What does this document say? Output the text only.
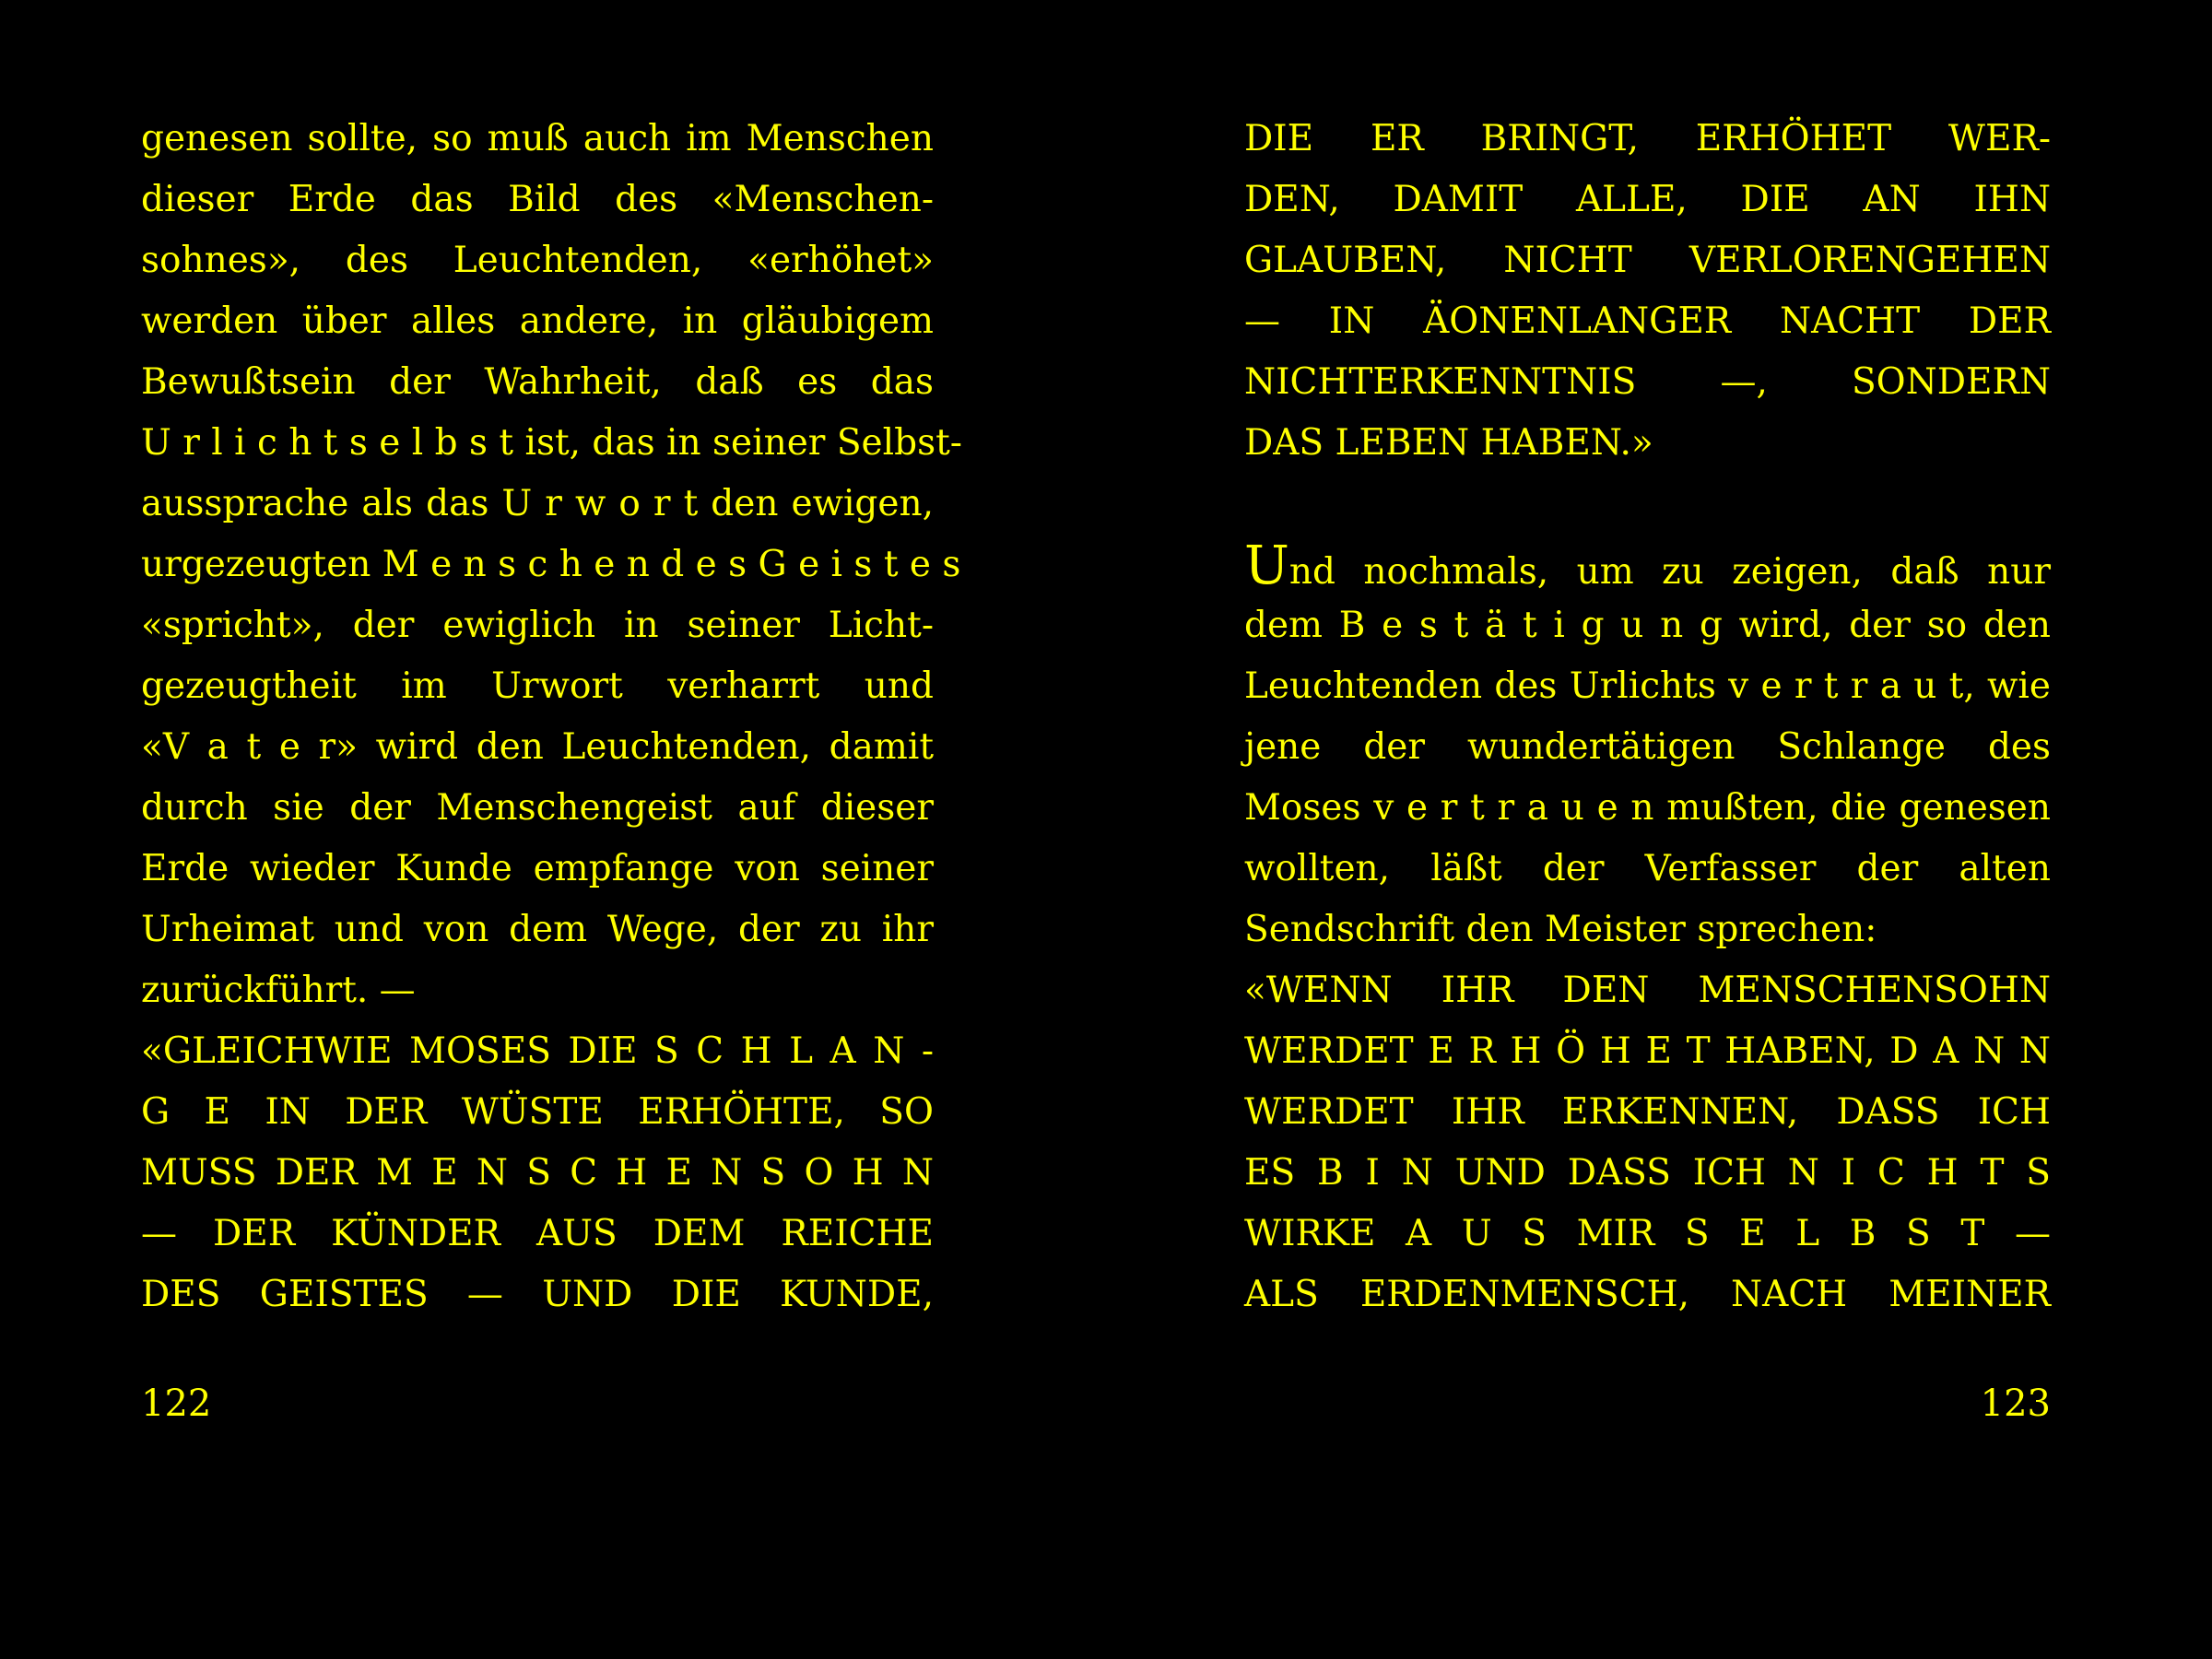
genesen sollte, so muß auch im Menschen
dieser Erde das Bild des «Menschen-
sohnes», des Leuchtenden, «erhöhet»
werden über alles andere, in gläubigem
Bewußtsein der Wahrheit, daß es das
U r l i c h t s e l b s t ist, das in seiner Selbst-
aussprache als das U r w o r t den ewigen,
urgezeugten M e n s c h e n d e s G e i s t e s
«spricht», der ewiglich in seiner Licht-
gezeugtheit im Urwort verharrt und
«V a t e r» wird den Leuchtenden, damit
durch sie der Menschengeist auf dieser
Erde wieder Kunde empfange von seiner
Urheimat und von dem Wege, der zu ihr
zurückführt. —
«GLEICHWIE MOSES DIE S C H L A N -
G E IN DER WÜSTE ERHÖHTE, SO
MUSS DER M E N S C H E N S O H N
— DER KÜNDER AUS DEM REICHE
DES GEISTES — UND DIE KUNDE,
122
DIE ER BRINGT, ERHÖHET WER-
DEN, DAMIT ALLE, DIE AN IHN
GLAUBEN, NICHT VERLORENGEHEN
— IN ÄONENLANGER NACHT DER
NICHTERKENNTNIS —, SONDERN
DAS LEBEN HABEN.»
Und nochmals, um zu zeigen, daß nur
dem B e s t ä t i g u n g wird, der so den
Leuchtenden des Urlichts v e r t r a u t, wie
jene der wundertätigen Schlange des
Moses v e r t r a u e n mußten, die genesen
wollten, läßt der Verfasser der alten
Sendschrift den Meister sprechen:
«WENN IHR DEN MENSCHENSOHN
WERDET E R H Ö H E T HABEN, D A N N
WERDET IHR ERKENNEN, DASS ICH
ES B I N UND DASS ICH N I C H T S
WIRKE A U S MIR S E L B S T —
ALS ERDENMENSCH, NACH MEINER
123
